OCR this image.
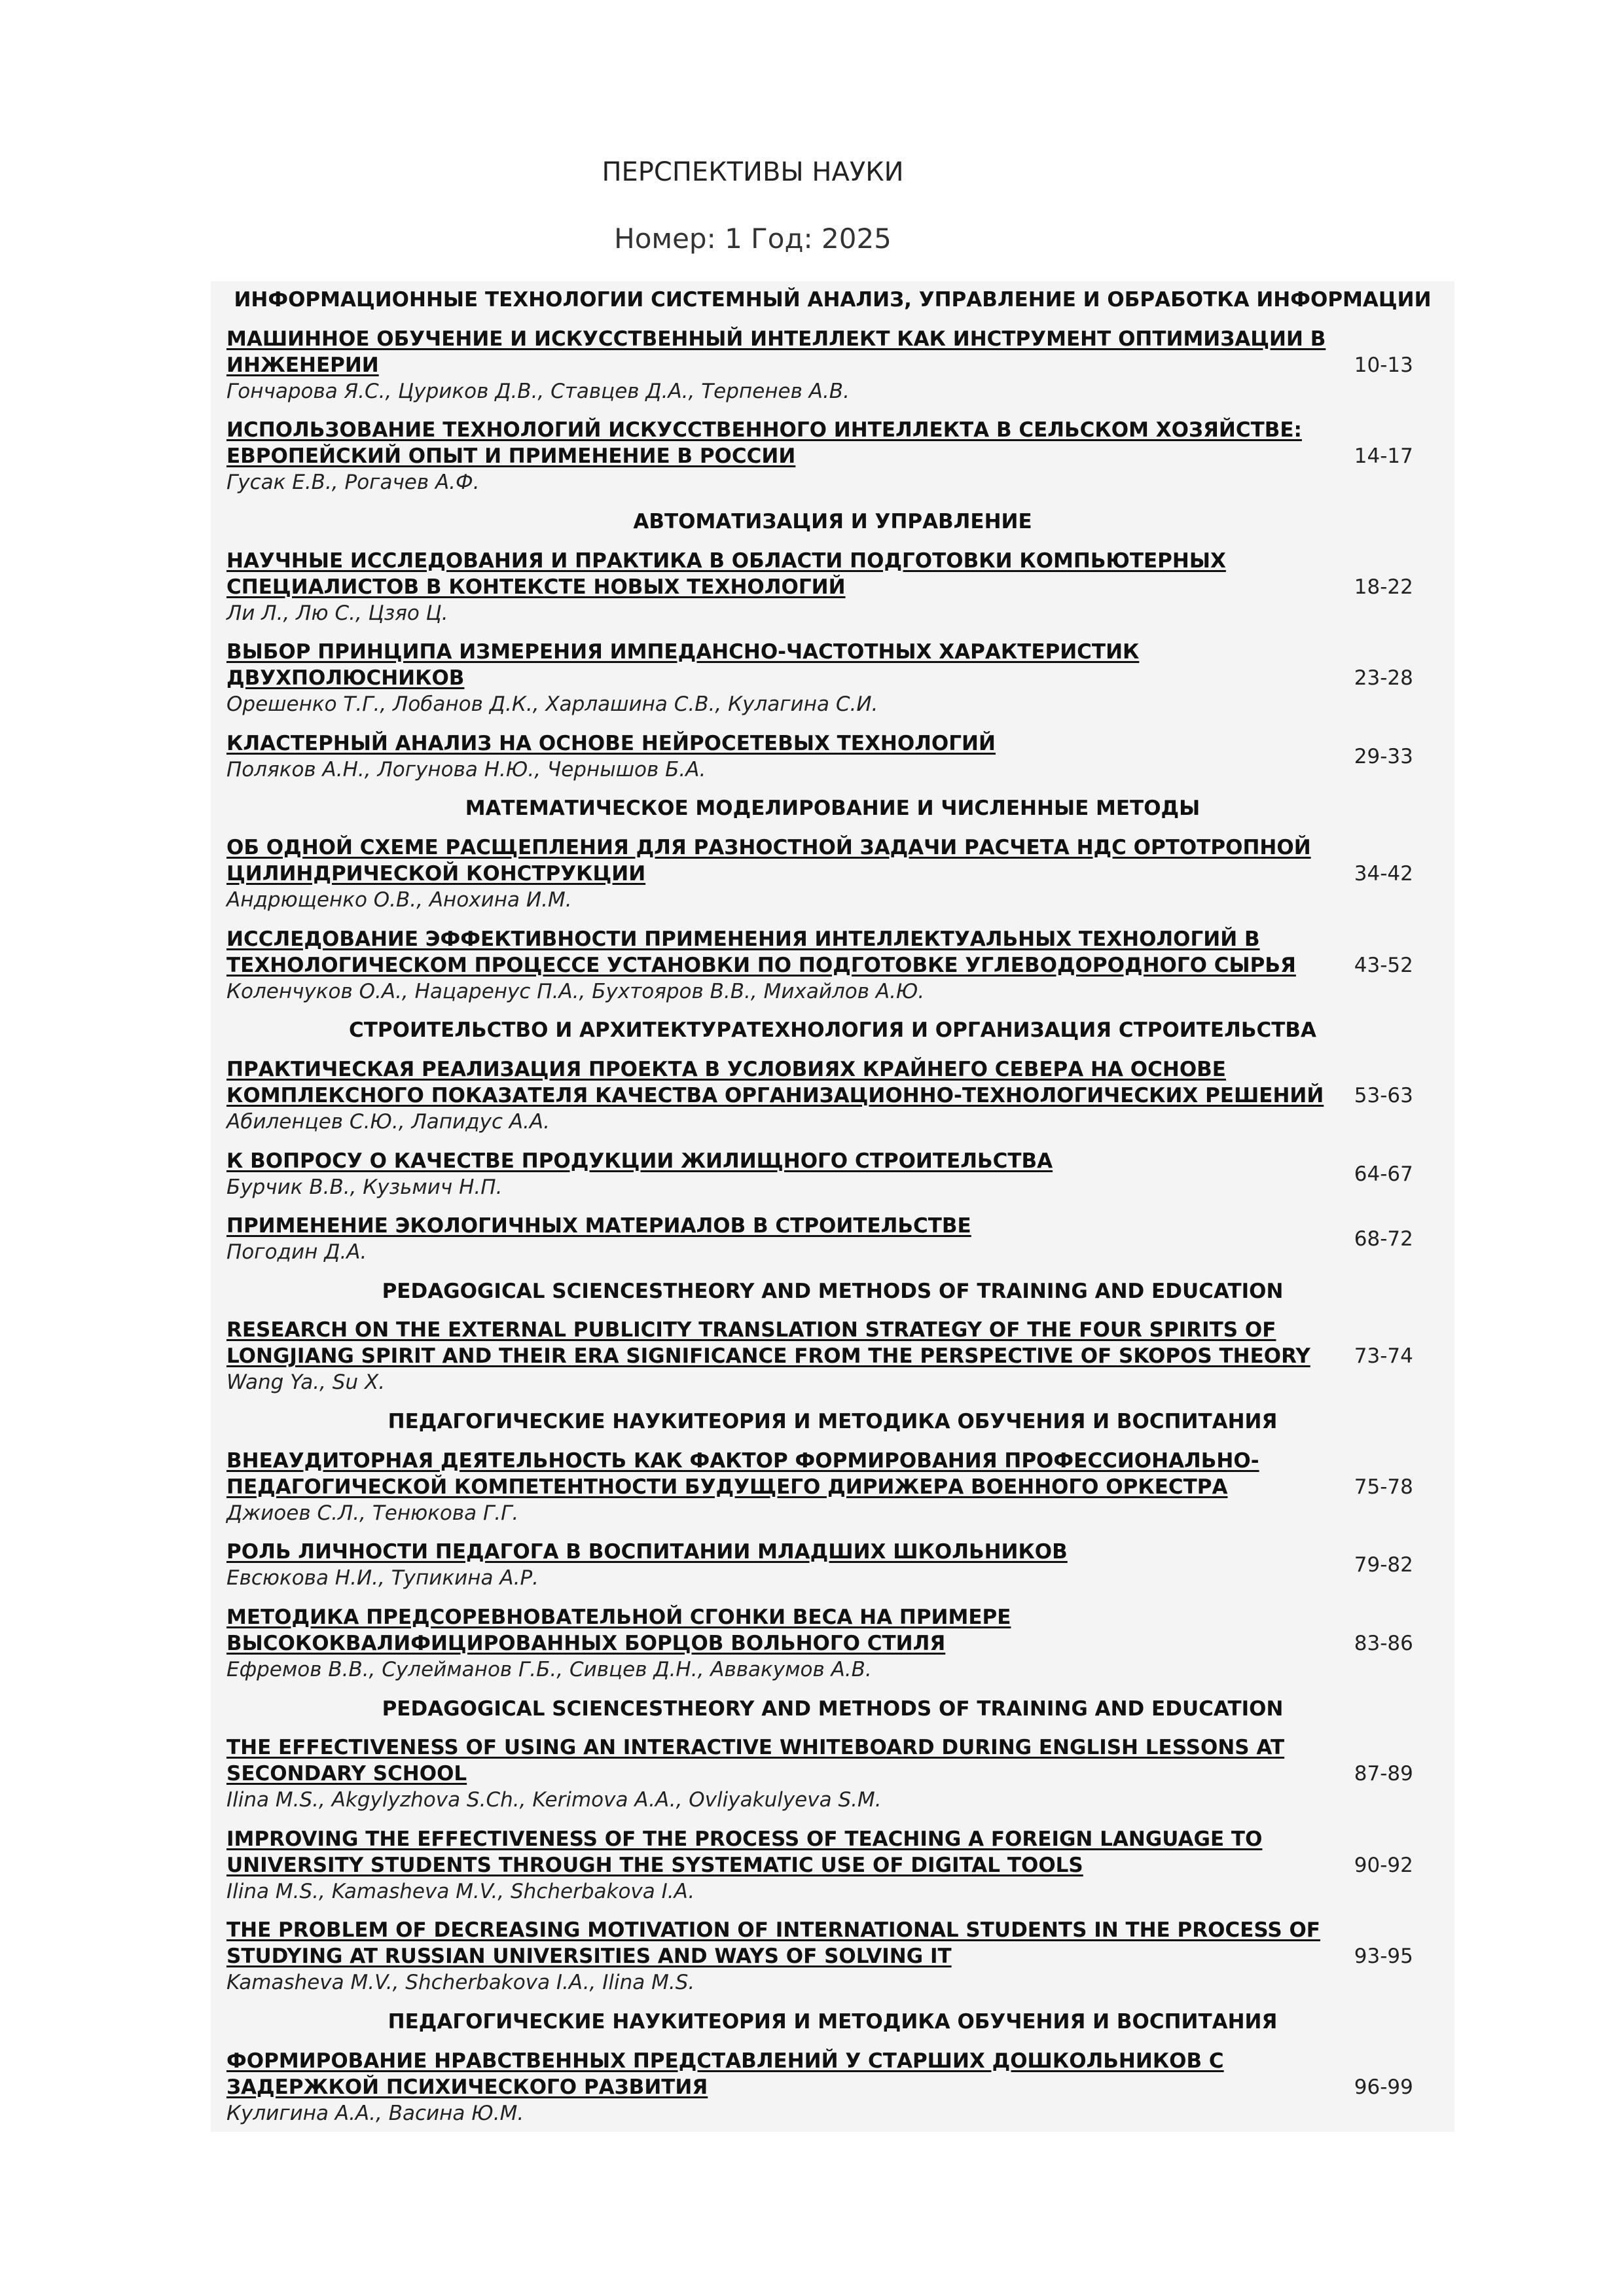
ПЕРСПЕКТИВЫ НАУКИ
Номер: 1 Год: 2025
ИНФОРМАЦИОННЫЕ ТЕХНОЛОГИИ СИСТЕМНЫЙ АНАЛИЗ, УПРАВЛЕНИЕ И ОБРАБОТКА ИНФОРМАЦИИ
МАШИННОЕ ОБУЧЕНИЕ И ИСКУССТВЕННЫЙ ИНТЕЛЛЕКТ КАК ИНСТРУМЕНТ ОПТИМИЗАЦИИ В ИНЖЕНЕРИИ
Гончарова Я.С., Цуриков Д.В., Ставцев Д.А., Терпенев А.В.
10-13
ИСПОЛЬЗОВАНИЕ ТЕХНОЛОГИЙ ИСКУССТВЕННОГО ИНТЕЛЛЕКТА В СЕЛЬСКОМ ХОЗЯЙСТВЕ: ЕВРОПЕЙСКИЙ ОПЫТ И ПРИМЕНЕНИЕ В РОССИИ
Гусак Е.В., Рогачев А.Ф.
14-17
АВТОМАТИЗАЦИЯ И УПРАВЛЕНИЕ
НАУЧНЫЕ ИССЛЕДОВАНИЯ И ПРАКТИКА В ОБЛАСТИ ПОДГОТОВКИ КОМПЬЮТЕРНЫХ СПЕЦИАЛИСТОВ В КОНТЕКСТЕ НОВЫХ ТЕХНОЛОГИЙ
Ли Л., Лю С., Цзяо Ц.
18-22
ВЫБОР ПРИНЦИПА ИЗМЕРЕНИЯ ИМПЕДАНСНО-ЧАСТОТНЫХ ХАРАКТЕРИСТИК ДВУХПОЛЮСНИКОВ
Орешенко Т.Г., Лобанов Д.К., Харлашина С.В., Кулагина С.И.
23-28
КЛАСТЕРНЫЙ АНАЛИЗ НА ОСНОВЕ НЕЙРОСЕТЕВЫХ ТЕХНОЛОГИЙ
Поляков А.Н., Логунова Н.Ю., Чернышов Б.А.
29-33
МАТЕМАТИЧЕСКОЕ МОДЕЛИРОВАНИЕ И ЧИСЛЕННЫЕ МЕТОДЫ
ОБ ОДНОЙ СХЕМЕ РАСЩЕПЛЕНИЯ ДЛЯ РАЗНОСТНОЙ ЗАДАЧИ РАСЧЕТА НДС ОРТОТРОПНОЙ ЦИЛИНДРИЧЕСКОЙ КОНСТРУКЦИИ
Андрющенко О.В., Анохина И.М.
34-42
ИССЛЕДОВАНИЕ ЭФФЕКТИВНОСТИ ПРИМЕНЕНИЯ ИНТЕЛЛЕКТУАЛЬНЫХ ТЕХНОЛОГИЙ В ТЕХНОЛОГИЧЕСКОМ ПРОЦЕССЕ УСТАНОВКИ ПО ПОДГОТОВКЕ УГЛЕВОДОРОДНОГО СЫРЬЯ
Коленчуков О.А., Нацаренус П.А., Бухтояров В.В., Михайлов А.Ю.
43-52
СТРОИТЕЛЬСТВО И АРХИТЕКТУРАТЕХНОЛОГИЯ И ОРГАНИЗАЦИЯ СТРОИТЕЛЬСТВА
ПРАКТИЧЕСКАЯ РЕАЛИЗАЦИЯ ПРОЕКТА В УСЛОВИЯХ КРАЙНЕГО СЕВЕРА НА ОСНОВЕ КОМПЛЕКСНОГО ПОКАЗАТЕЛЯ КАЧЕСТВА ОРГАНИЗАЦИОННО-ТЕХНОЛОГИЧЕСКИХ РЕШЕНИЙ
Абиленцев С.Ю., Лапидус А.А.
53-63
К ВОПРОСУ О КАЧЕСТВЕ ПРОДУКЦИИ ЖИЛИЩНОГО СТРОИТЕЛЬСТВА
Бурчик В.В., Кузьмич Н.П.
64-67
ПРИМЕНЕНИЕ ЭКОЛОГИЧНЫХ МАТЕРИАЛОВ В СТРОИТЕЛЬСТВЕ
Погодин Д.А.
68-72
PEDAGOGICAL SCIENCESTHEORY AND METHODS OF TRAINING AND EDUCATION
RESEARCH ON THE EXTERNAL PUBLICITY TRANSLATION STRATEGY OF THE FOUR SPIRITS OF LONGJIANG SPIRIT AND THEIR ERA SIGNIFICANCE FROM THE PERSPECTIVE OF SKOPOS THEORY
Wang Ya., Su X.
73-74
ПЕДАГОГИЧЕСКИЕ НАУКИТЕОРИЯ И МЕТОДИКА ОБУЧЕНИЯ И ВОСПИТАНИЯ
ВНЕАУДИТОРНАЯ ДЕЯТЕЛЬНОСТЬ КАК ФАКТОР ФОРМИРОВАНИЯ ПРОФЕССИОНАЛЬНО-ПЕДАГОГИЧЕСКОЙ КОМПЕТЕНТНОСТИ БУДУЩЕГО ДИРИЖЕРА ВОЕННОГО ОРКЕСТРА
Джиоев С.Л., Тенюкова Г.Г.
75-78
РОЛЬ ЛИЧНОСТИ ПЕДАГОГА В ВОСПИТАНИИ МЛАДШИХ ШКОЛЬНИКОВ
Евсюкова Н.И., Тупикина А.Р.
79-82
МЕТОДИКА ПРЕДСОРЕВНОВАТЕЛЬНОЙ СГОНКИ ВЕСА НА ПРИМЕРЕ ВЫСОКОКВАЛИФИЦИРОВАННЫХ БОРЦОВ ВОЛЬНОГО СТИЛЯ
Ефремов В.В., Сулейманов Г.Б., Сивцев Д.Н., Аввакумов А.В.
83-86
PEDAGOGICAL SCIENCESTHEORY AND METHODS OF TRAINING AND EDUCATION
THE EFFECTIVENESS OF USING AN INTERACTIVE WHITEBOARD DURING ENGLISH LESSONS AT SECONDARY SCHOOL
Ilina M.S., Akgylyzhova S.Ch., Kerimova A.A., Ovliyakulyeva S.M.
87-89
IMPROVING THE EFFECTIVENESS OF THE PROCESS OF TEACHING A FOREIGN LANGUAGE TO UNIVERSITY STUDENTS THROUGH THE SYSTEMATIC USE OF DIGITAL TOOLS
Ilina M.S., Kamasheva M.V., Shcherbakova I.A.
90-92
THE PROBLEM OF DECREASING MOTIVATION OF INTERNATIONAL STUDENTS IN THE PROCESS OF STUDYING AT RUSSIAN UNIVERSITIES AND WAYS OF SOLVING IT
Kamasheva M.V., Shcherbakova I.A., Ilina M.S.
93-95
ПЕДАГОГИЧЕСКИЕ НАУКИТЕОРИЯ И МЕТОДИКА ОБУЧЕНИЯ И ВОСПИТАНИЯ
ФОРМИРОВАНИЕ НРАВСТВЕННЫХ ПРЕДСТАВЛЕНИЙ У СТАРШИХ ДОШКОЛЬНИКОВ С ЗАДЕРЖКОЙ ПСИХИЧЕСКОГО РАЗВИТИЯ
Кулигина А.А., Васина Ю.М.
96-99
